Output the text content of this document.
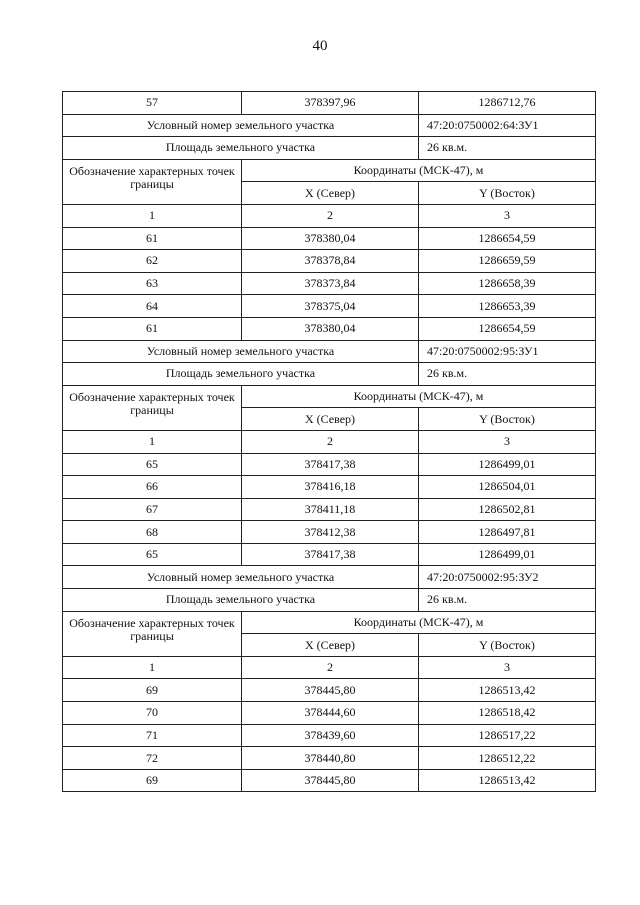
40
57	378397,96	1286712,76
Условный номер земельного участка		47:20:0750002:64:ЗУ1
Площадь земельного участка		26 кв.м.
Обозначение характерных точек границы	Координаты (МСК-47), м	
	X (Север)	Y (Восток)
1	2	3
61	378380,04	1286654,59
62	378378,84	1286659,59
63	378373,84	1286658,39
64	378375,04	1286653,39
61	378380,04	1286654,59
Условный номер земельного участка		47:20:0750002:95:ЗУ1
Площадь земельного участка		26 кв.м.
Обозначение характерных точек границы	Координаты (МСК-47), м	
	X (Север)	Y (Восток)
1	2	3
65	378417,38	1286499,01
66	378416,18	1286504,01
67	378411,18	1286502,81
68	378412,38	1286497,81
65	378417,38	1286499,01
Условный номер земельного участка		47:20:0750002:95:ЗУ2
Площадь земельного участка		26 кв.м.
Обозначение характерных точек границы	Координаты (МСК-47), м	
	X (Север)	Y (Восток)
1	2	3
69	378445,80	1286513,42
70	378444,60	1286518,42
71	378439,60	1286517,22
72	378440,80	1286512,22
69	378445,80	1286513,42
